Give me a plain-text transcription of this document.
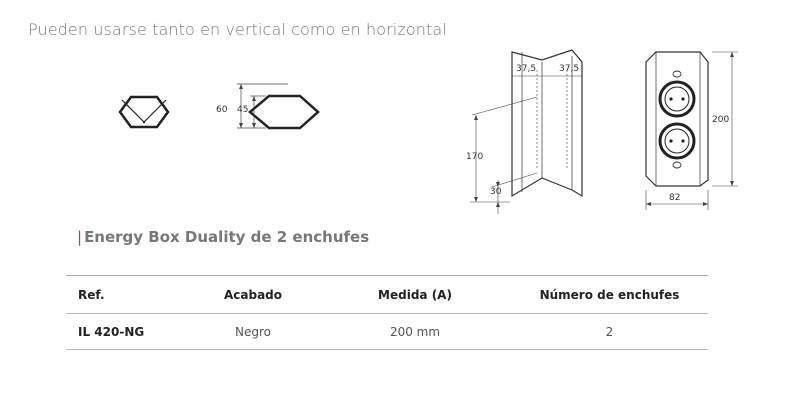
Pueden usarse tanto en vertical como en horizontal
60 45
37,5	37,5
170
30
200
82
| Energy Box Duality de 2 enchufes
Ref.	Acabado	Medida (A)	Número de enchufes
IL 420-NG	Negro	200 mm	2
